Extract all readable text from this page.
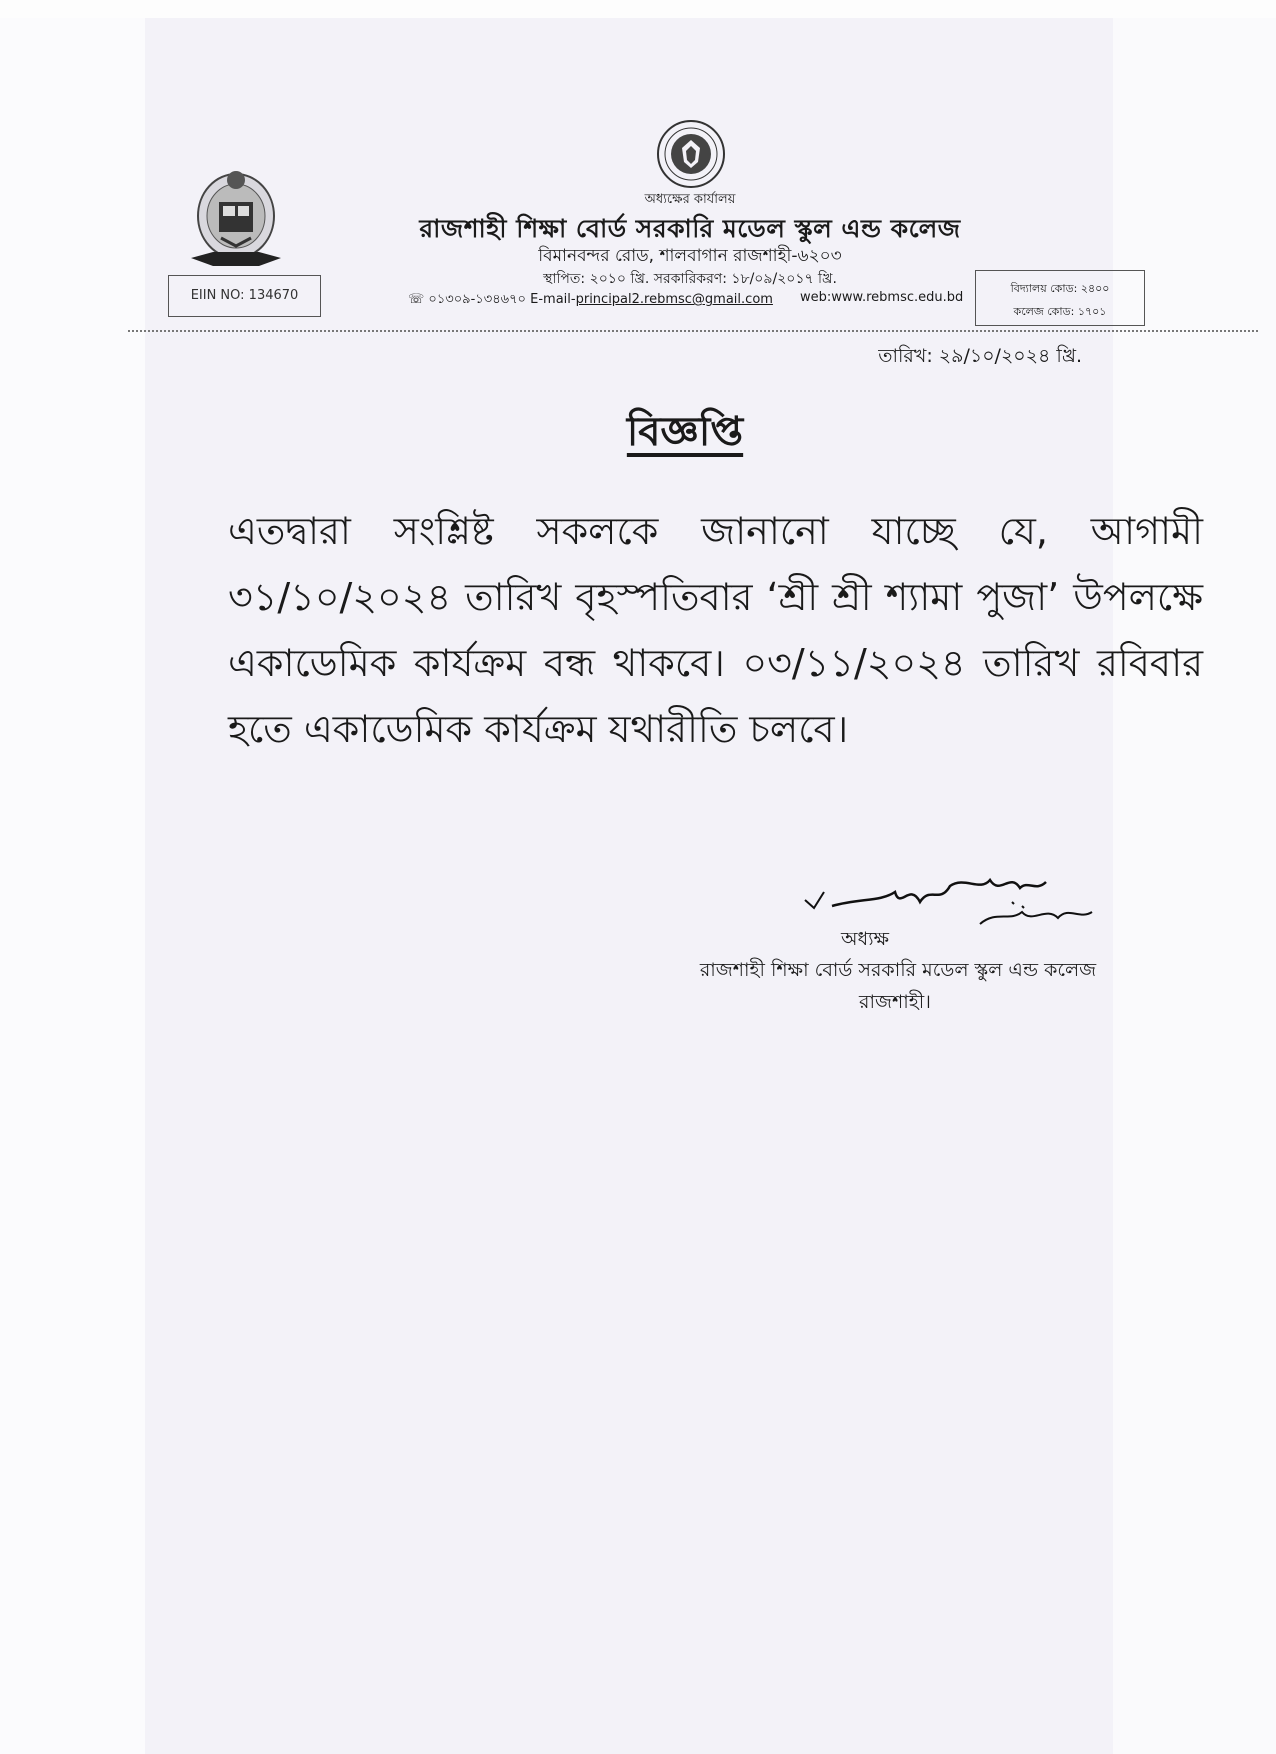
অধ্যক্ষের কার্যালয়
রাজশাহী শিক্ষা বোর্ড সরকারি মডেল স্কুল এন্ড কলেজ
বিমানবন্দর রোড, শালবাগান রাজশাহী-৬২০৩
স্থাপিত: ২০১০ খ্রি. সরকারিকরণ: ১৮/০৯/২০১৭ খ্রি.
☏ ০১৩০৯-১৩৪৬৭০ E-mail-principal2.rebmsc@gmail.com web:www.rebmsc.edu.bd
EIIN NO: 134670	বিদ্যালয় কোড: ২৪০০
কলেজ কোড: ১৭০১
তারিখ: ২৯/১০/২০২৪ খ্রি.
বিজ্ঞপ্তি
এতদ্বারা সংশ্লিষ্ট সকলকে জানানো যাচ্ছে যে, আগামী ৩১/১০/২০২৪ তারিখ বৃহস্পতিবার ‘শ্রী শ্রী শ্যামা পুজা’ উপলক্ষে একাডেমিক কার্যক্রম বন্ধ থাকবে। ০৩/১১/২০২৪ তারিখ রবিবার হতে একাডেমিক কার্যক্রম যথারীতি চলবে।
অধ্যক্ষ
রাজশাহী শিক্ষা বোর্ড সরকারি মডেল স্কুল এন্ড কলেজ
রাজশাহী।
